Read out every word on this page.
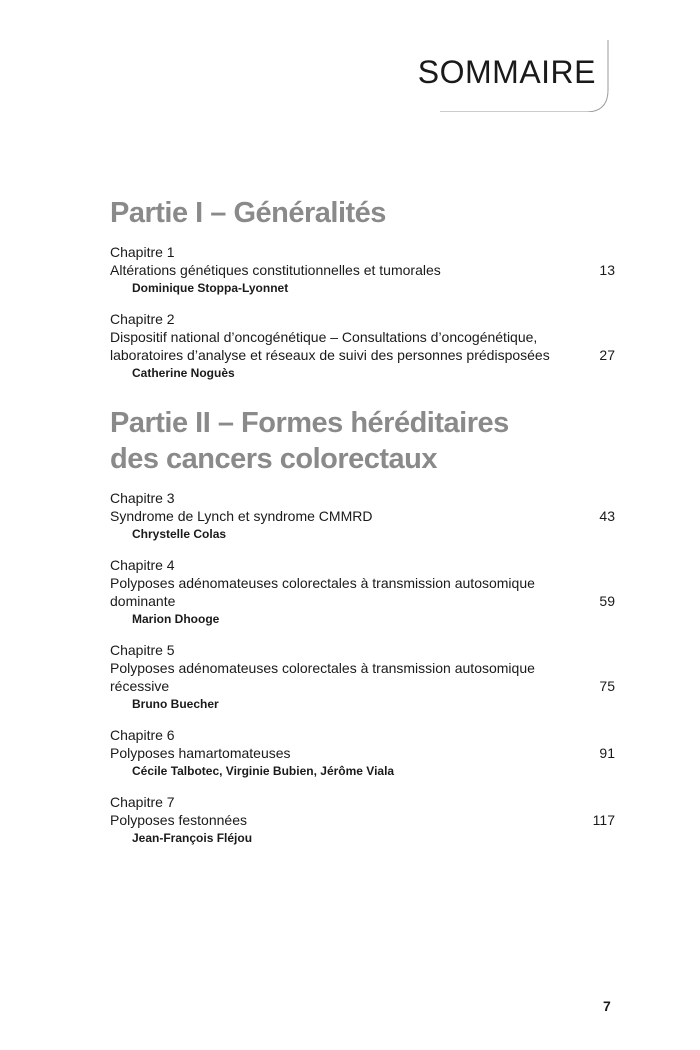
SOMMAIRE
Partie I – Généralités
Chapitre 1
Altérations génétiques constitutionnelles et tumorales	13
Dominique Stoppa-Lyonnet
Chapitre 2
Dispositif national d’oncogénétique – Consultations d’oncogénétique,
laboratoires d’analyse et réseaux de suivi des personnes prédisposées	27
Catherine Noguès
Partie II – Formes héréditaires
des cancers colorectaux
Chapitre 3
Syndrome de Lynch et syndrome CMMRD	43
Chrystelle Colas
Chapitre 4
Polyposes adénomateuses colorectales à transmission autosomique
dominante	59
Marion Dhooge
Chapitre 5
Polyposes adénomateuses colorectales à transmission autosomique
récessive	75
Bruno Buecher
Chapitre 6
Polyposes hamartomateuses	91
Cécile Talbotec, Virginie Bubien, Jérôme Viala
Chapitre 7
Polyposes festonnées	117
Jean-François Fléjou
7
